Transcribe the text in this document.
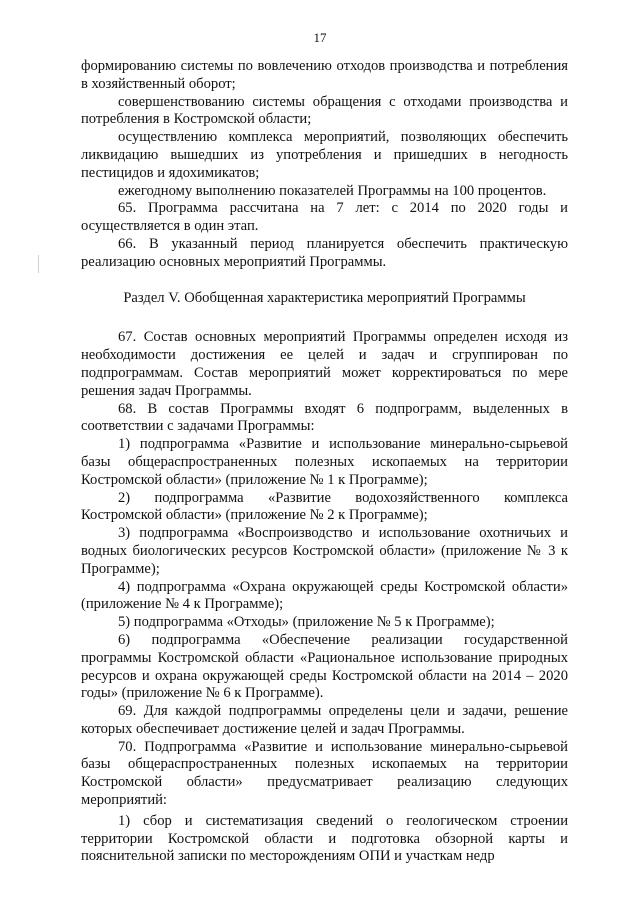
17

формированию системы по вовлечению отходов производства и потребления в хозяйственный оборот;

совершенствованию системы обращения с отходами производства и потребления в Костромской области;

осуществлению комплекса мероприятий, позволяющих обеспечить ликвидацию вышедших из употребления и пришедших в негодность пестицидов и ядохимикатов;

ежегодному выполнению показателей Программы на 100 процентов.

65. Программа рассчитана на 7 лет: с 2014 по 2020 годы и осуществляется в один этап.

66. В указанный период планируется обеспечить практическую реализацию основных мероприятий Программы.

Раздел V. Обобщенная характеристика мероприятий Программы

67. Состав основных мероприятий Программы определен исходя из необходимости достижения ее целей и задач и сгруппирован по подпрограммам. Состав мероприятий может корректироваться по мере решения задач Программы.

68. В состав Программы входят 6 подпрограмм, выделенных в соответствии с задачами Программы:

1) подпрограмма «Развитие и использование минерально-сырьевой базы общераспространенных полезных ископаемых на территории Костромской области» (приложение № 1 к Программе);

2) подпрограмма «Развитие водохозяйственного комплекса Костромской области» (приложение № 2 к Программе);

3) подпрограмма «Воспроизводство и использование охотничьих и водных биологических ресурсов Костромской области» (приложение № 3 к Программе);

4) подпрограмма «Охрана окружающей среды Костромской области» (приложение № 4 к Программе);

5) подпрограмма «Отходы» (приложение № 5 к Программе);

6) подпрограмма «Обеспечение реализации государственной программы Костромской области «Рациональное использование природных ресурсов и охрана окружающей среды Костромской области на 2014 – 2020 годы» (приложение № 6 к Программе).

69. Для каждой подпрограммы определены цели и задачи, решение которых обеспечивает достижение целей и задач Программы.

70. Подпрограмма «Развитие и использование минерально-сырьевой базы общераспространенных полезных ископаемых на территории Костромской области» предусматривает реализацию следующих мероприятий:

1) сбор и систематизация сведений о геологическом строении территории Костромской области и подготовка обзорной карты и пояснительной записки по месторождениям ОПИ и участкам недр
